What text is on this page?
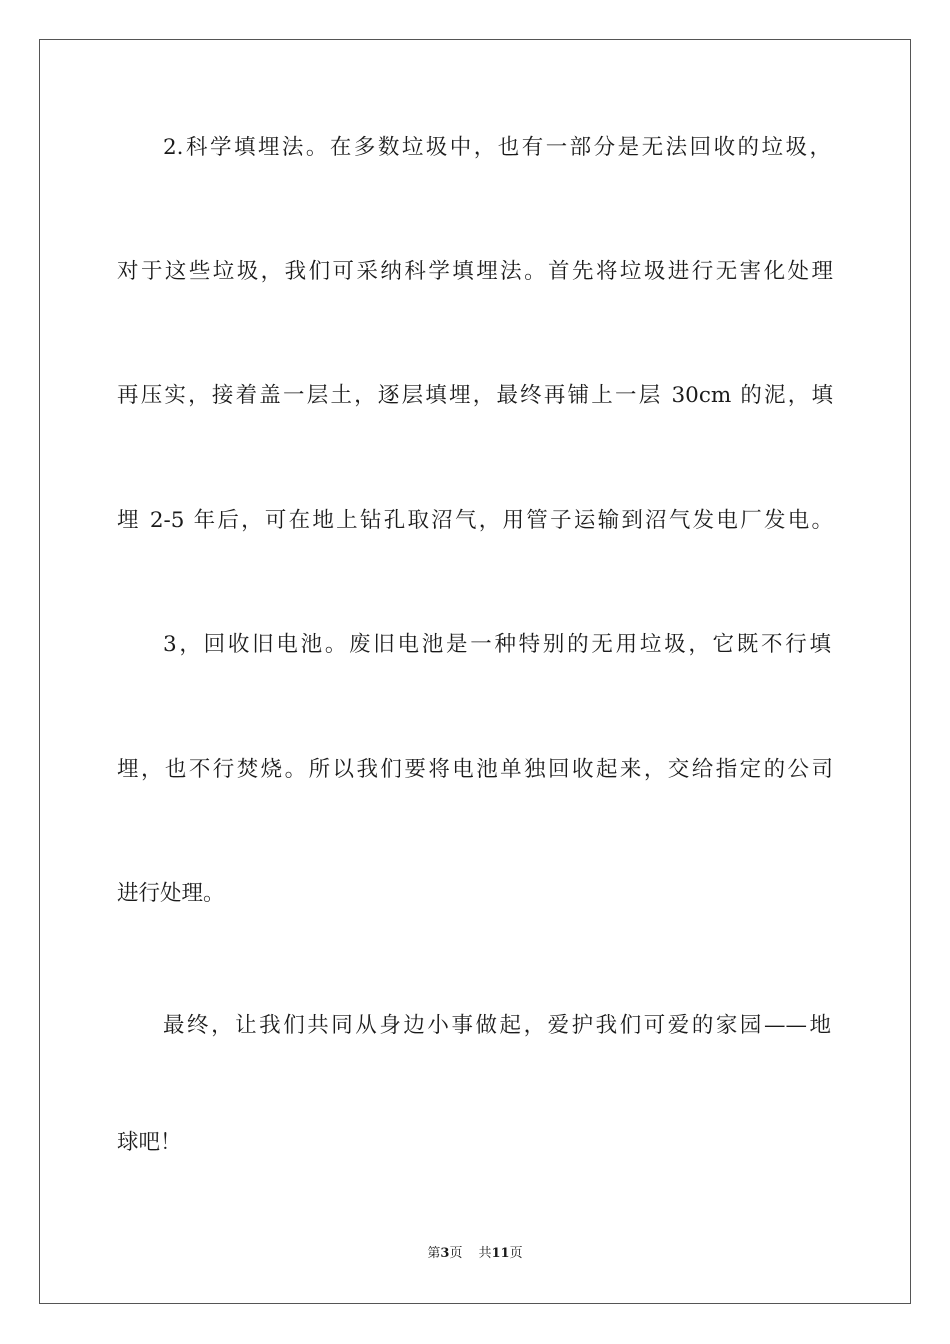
2.科学填埋法。在多数垃圾中，也有一部分是无法回收的垃圾，

对于这些垃圾，我们可采纳科学填埋法。首先将垃圾进行无害化处理

再压实，接着盖一层土，逐层填埋，最终再铺上一层 30cm 的泥，填

埋 2-5 年后，可在地上钻孔取沼气，用管子运输到沼气发电厂发电。

3，回收旧电池。废旧电池是一种特别的无用垃圾，它既不行填

埋，也不行焚烧。所以我们要将电池单独回收起来，交给指定的公司

进行处理。

最终，让我们共同从身边小事做起，爱护我们可爱的家园——地

球吧！

第3页 共11页
